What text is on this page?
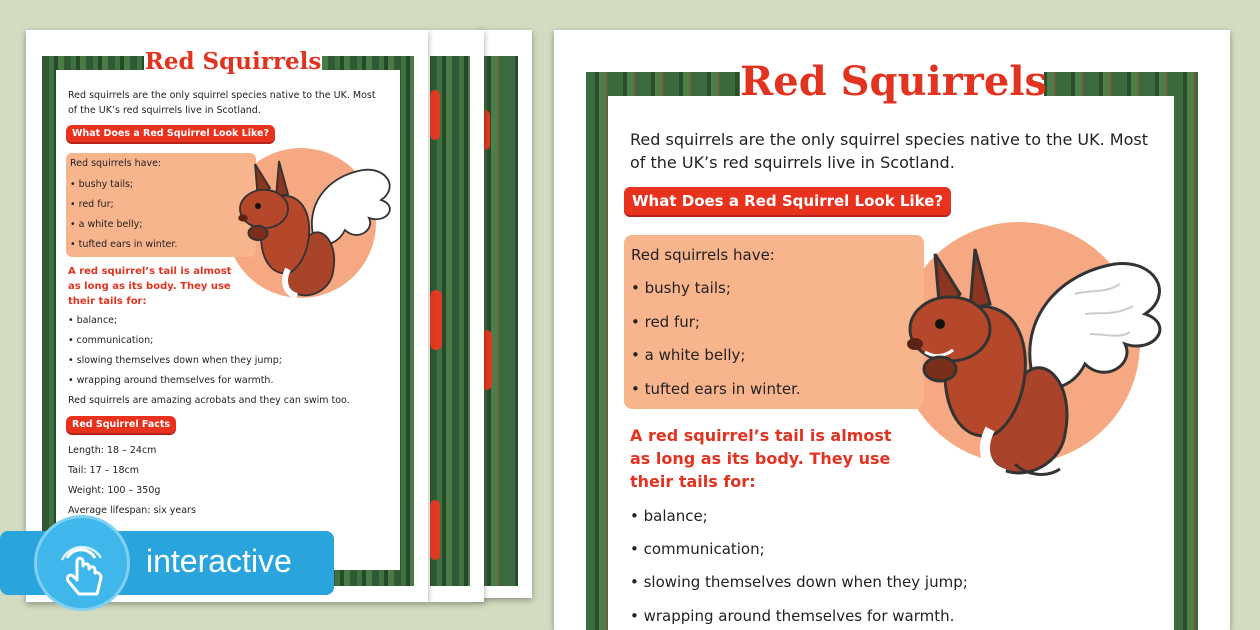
Red Squirrels
Red squirrels are the only squirrel species native to the UK. Most
of the UK’s red squirrels live in Scotland.
What Does a Red Squirrel Look Like?
Red squirrels have:
• bushy tails;
• red fur;
• a white belly;
• tufted ears in winter.
A red squirrel’s tail is almost
as long as its body. They use
their tails for:
• balance;
• communication;
• slowing themselves down when they jump;
• wrapping around themselves for warmth.
Red squirrels are amazing acrobats and they can swim too.
Red Squirrel Facts
Length: 18 – 24cm
Tail: 17 – 18cm
Weight: 100 – 350g
Average lifespan: six years
interactive
Red Squirrels
Red squirrels are the only squirrel species native to the UK. Most
of the UK’s red squirrels live in Scotland.
What Does a Red Squirrel Look Like?
Red squirrels have:
• bushy tails;
• red fur;
• a white belly;
• tufted ears in winter.
A red squirrel’s tail is almost
as long as its body. They use
their tails for:
• balance;
• communication;
• slowing themselves down when they jump;
• wrapping around themselves for warmth.
